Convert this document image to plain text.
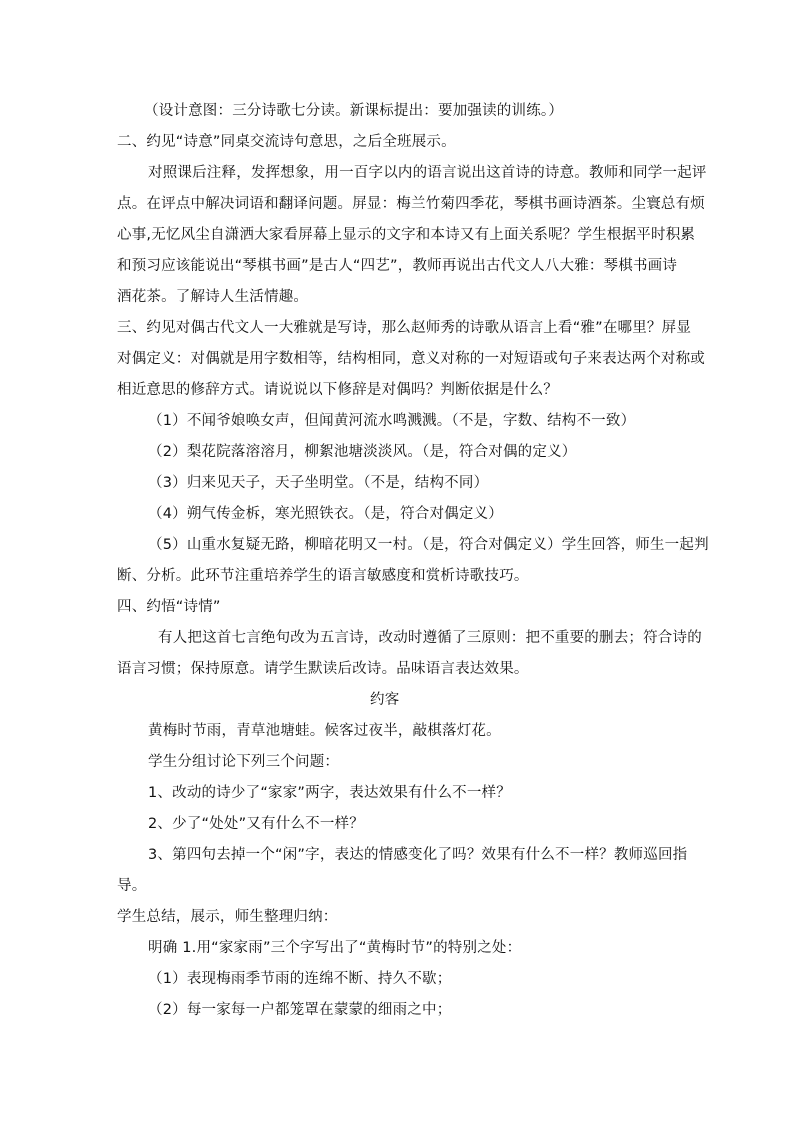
（设计意图：三分诗歌七分读。新课标提出：要加强读的训练。）
二、约见“诗意”同桌交流诗句意思，之后全班展示。
对照课后注释，发挥想象，用一百字以内的语言说出这首诗的诗意。教师和同学一起评
点。在评点中解决词语和翻译问题。屏显：梅兰竹菊四季花，琴棋书画诗酒茶。尘寰总有烦
心事,无忆风尘自潇洒大家看屏幕上显示的文字和本诗又有上面关系呢？学生根据平时积累
和预习应该能说出“琴棋书画”是古人“四艺”，教师再说出古代文人八大雅：琴棋书画诗
酒花茶。了解诗人生活情趣。
三、约见对偶古代文人一大雅就是写诗，那么赵师秀的诗歌从语言上看“雅”在哪里？屏显
对偶定义：对偶就是用字数相等，结构相同，意义对称的一对短语或句子来表达两个对称或
相近意思的修辞方式。请说说以下修辞是对偶吗？判断依据是什么？
（1）不闻爷娘唤女声，但闻黄河流水鸣溅溅。（不是，字数、结构不一致）
（2）梨花院落溶溶月，柳絮池塘淡淡风。（是，符合对偶的定义）
（3）归来见天子，天子坐明堂。（不是，结构不同）
（4）朔气传金柝，寒光照铁衣。（是，符合对偶定义）
（5）山重水复疑无路，柳暗花明又一村。（是，符合对偶定义）学生回答，师生一起判
断、分析。此环节注重培养学生的语言敏感度和赏析诗歌技巧。
四、约悟“诗情”
有人把这首七言绝句改为五言诗，改动时遵循了三原则：把不重要的删去；符合诗的
语言习惯；保持原意。请学生默读后改诗。品味语言表达效果。
约客
黄梅时节雨，青草池塘蛙。候客过夜半，敲棋落灯花。
学生分组讨论下列三个问题：
1、改动的诗少了“家家”两字，表达效果有什么不一样？
2、少了“处处”又有什么不一样？
3、第四句去掉一个“闲”字，表达的情感变化了吗？效果有什么不一样？教师巡回指
导。
学生总结，展示，师生整理归纳：
明确 1.用“家家雨”三个字写出了“黄梅时节”的特别之处：
（1）表现梅雨季节雨的连绵不断、持久不歇；
（2）每一家每一户都笼罩在蒙蒙的细雨之中；
